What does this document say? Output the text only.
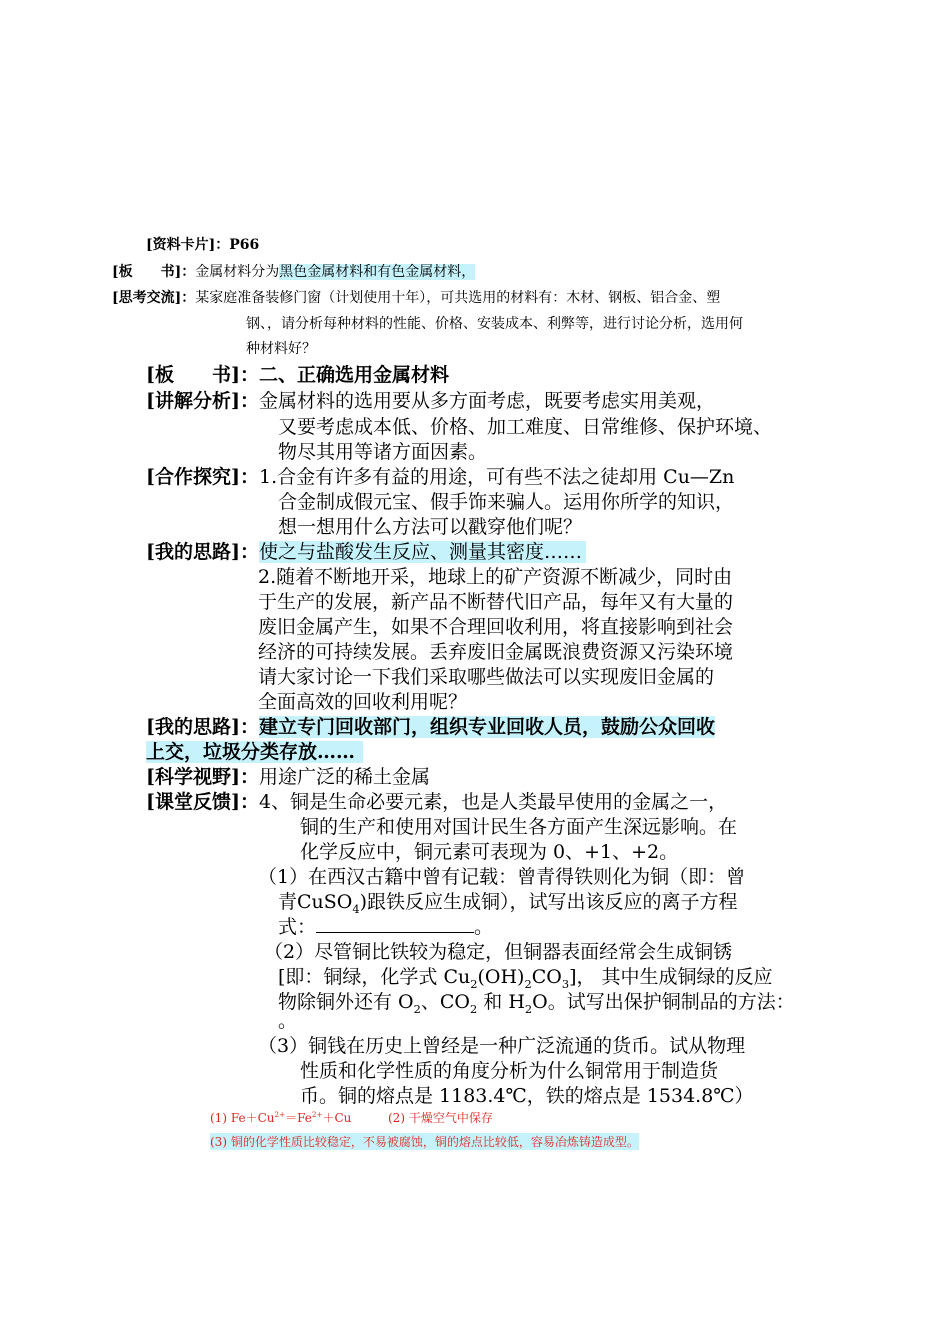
[资料卡片]：P66
[板　　书]：金属材料分为黑色金属材料和有色金属材料，
[思考交流]：某家庭准备装修门窗（计划使用十年），可共选用的材料有：木材、钢板、铝合金、塑
钢、，请分析每种材料的性能、价格、安装成本、利弊等，进行讨论分析，选用何
种材料好？
[板　　书]：二、正确选用金属材料
[讲解分析]：金属材料的选用要从多方面考虑，既要考虑实用美观，
又要考虑成本低、价格、加工难度、日常维修、保护环境、
物尽其用等诸方面因素。
[合作探究]：1.合金有许多有益的用途，可有些不法之徒却用 Cu—Zn
合金制成假元宝、假手饰来骗人。运用你所学的知识，
想一想用什么方法可以戳穿他们呢？
[我的思路]：使之与盐酸发生反应、测量其密度……
2.随着不断地开采，地球上的矿产资源不断减少，同时由
于生产的发展，新产品不断替代旧产品，每年又有大量的
废旧金属产生，如果不合理回收利用，将直接影响到社会
经济的可持续发展。丢弃废旧金属既浪费资源又污染环境
请大家讨论一下我们采取哪些做法可以实现废旧金属的
全面高效的回收利用呢？
[我的思路]：建立专门回收部门，组织专业回收人员，鼓励公众回收
上交，垃圾分类存放……
[科学视野]：用途广泛的稀土金属
[课堂反馈]：4、铜是生命必要元素，也是人类最早使用的金属之一，
铜的生产和使用对国计民生各方面产生深远影响。在
化学反应中，铜元素可表现为 0、+1、+2。
（1）在西汉古籍中曾有记载：曾青得铁则化为铜（即：曾
青CuSO$_4$)跟铁反应生成铜），试写出该反应的离子方程
式：	。
（2）尽管铜比铁较为稳定，但铜器表面经常会生成铜锈
[即：铜绿，化学式 $Cu_2(OH)_2CO_3$]， 其中生成铜绿的反应
物除铜外还有 $O_2$、$CO_2$ 和 $H_2O$。试写出保护铜制品的方法：
。
（3）铜钱在历史上曾经是一种广泛流通的货币。试从物理
性质和化学性质的角度分析为什么铜常用于制造货
币。铜的熔点是 1183.4℃，铁的熔点是 1534.8℃）
(1) $Fe+Cu^{2+}=Fe^{2+}+Cu$	(2) 干燥空气中保存
(3) 铜的化学性质比较稳定，不易被腐蚀，铜的熔点比较低，容易冶炼铸造成型。
